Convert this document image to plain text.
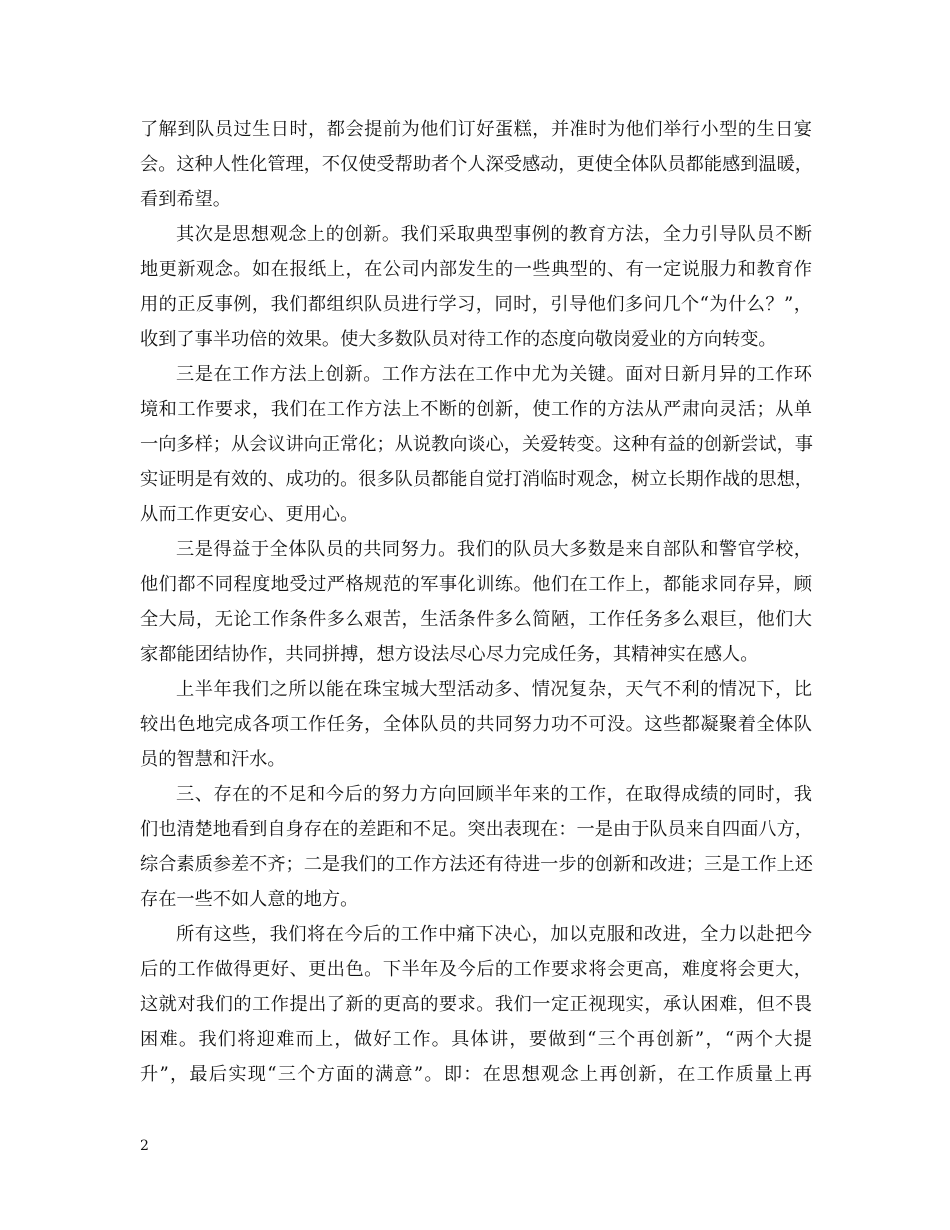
了解到队员过生日时，都会提前为他们订好蛋糕，并准时为他们举行小型的生日宴
会。这种人性化管理，不仅使受帮助者个人深受感动，更使全体队员都能感到温暖，
看到希望。
其次是思想观念上的创新。我们采取典型事例的教育方法，全力引导队员不断
地更新观念。如在报纸上，在公司内部发生的一些典型的、有一定说服力和教育作
用的正反事例，我们都组织队员进行学习，同时，引导他们多问几个“为什么？”，
收到了事半功倍的效果。使大多数队员对待工作的态度向敬岗爱业的方向转变。
三是在工作方法上创新。工作方法在工作中尤为关键。面对日新月异的工作环
境和工作要求，我们在工作方法上不断的创新，使工作的方法从严肃向灵活；从单
一向多样；从会议讲向正常化；从说教向谈心，关爱转变。这种有益的创新尝试，事
实证明是有效的、成功的。很多队员都能自觉打消临时观念，树立长期作战的思想，
从而工作更安心、更用心。
三是得益于全体队员的共同努力。我们的队员大多数是来自部队和警官学校，
他们都不同程度地受过严格规范的军事化训练。他们在工作上，都能求同存异，顾
全大局，无论工作条件多么艰苦，生活条件多么简陋，工作任务多么艰巨，他们大
家都能团结协作，共同拼搏，想方设法尽心尽力完成任务，其精神实在感人。
上半年我们之所以能在珠宝城大型活动多、情况复杂，天气不利的情况下，比
较出色地完成各项工作任务，全体队员的共同努力功不可没。这些都凝聚着全体队
员的智慧和汗水。
三、存在的不足和今后的努力方向回顾半年来的工作，在取得成绩的同时，我
们也清楚地看到自身存在的差距和不足。突出表现在：一是由于队员来自四面八方，
综合素质参差不齐；二是我们的工作方法还有待进一步的创新和改进；三是工作上还
存在一些不如人意的地方。
所有这些，我们将在今后的工作中痛下决心，加以克服和改进，全力以赴把今
后的工作做得更好、更出色。下半年及今后的工作要求将会更高，难度将会更大，
这就对我们的工作提出了新的更高的要求。我们一定正视现实，承认困难，但不畏
困难。我们将迎难而上，做好工作。具体讲，要做到“三个再创新”，“两个大提
升”，最后实现“三个方面的满意”。即：在思想观念上再创新，在工作质量上再
2
